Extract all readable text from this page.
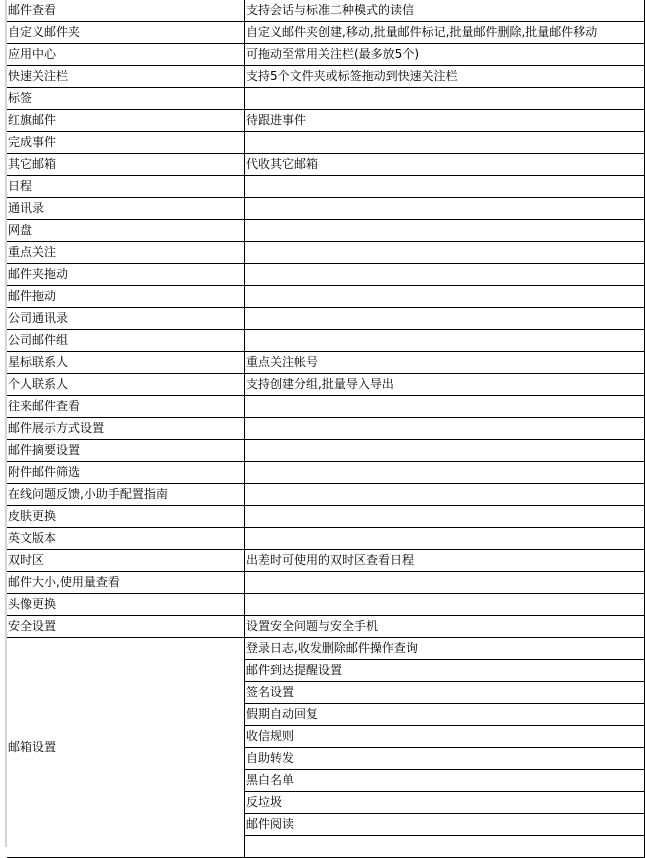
邮件查看	支持会话与标准二种模式的读信
自定义邮件夹	自定义邮件夹创建,移动,批量邮件标记,批量邮件删除,批量邮件移动
应用中心	可拖动至常用关注栏(最多放5个)
快速关注栏	支持5个文件夹或标签拖动到快速关注栏
标签	
红旗邮件	待跟进事件
完成事件	
其它邮箱	代收其它邮箱
日程	
通讯录	
网盘	
重点关注	
邮件夹拖动	
邮件拖动	
公司通讯录	
公司邮件组	
星标联系人	重点关注帐号
个人联系人	支持创建分组,批量导入导出
往来邮件查看	
邮件展示方式设置	
邮件摘要设置	
附件邮件筛选	
在线问题反馈,小助手配置指南	
皮肤更换	
英文版本	
双时区	出差时可使用的双时区查看日程
邮件大小,使用量查看	
头像更换	
安全设置	设置安全问题与安全手机
邮箱设置	登录日志,收发删除邮件操作查询
	邮件到达提醒设置
	签名设置
	假期自动回复
	收信规则
	自助转发
	黑白名单
	反垃圾
	邮件阅读
